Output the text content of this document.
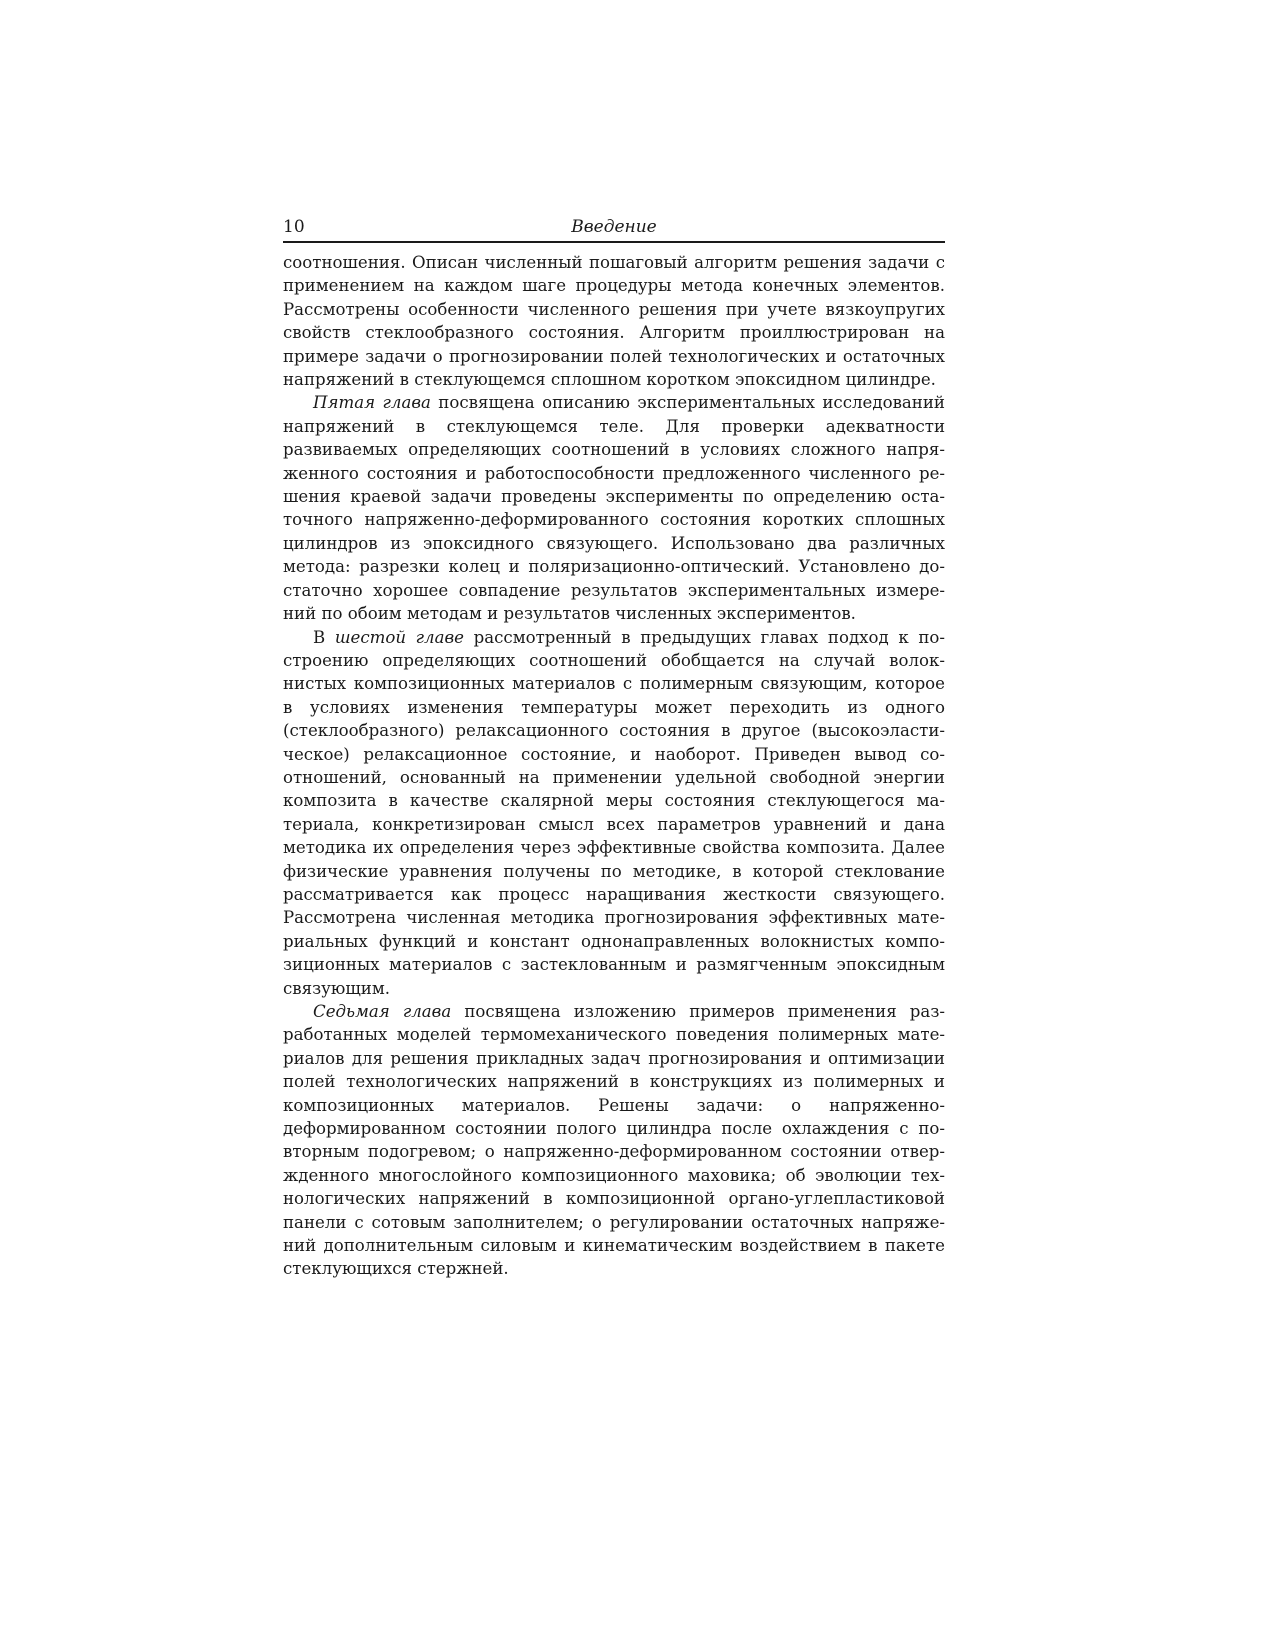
10	Введение

соотношения. Описан численный пошаговый алгоритм решения задачи с применением на каждом шаге процедуры метода конечных элементов. Рассмотрены особенности численного решения при учете вязкоупругих свойств стеклообразного состояния. Алгоритм проиллюстрирован на примере задачи о прогнозировании полей технологических и остаточных напряжений в стеклующемся сплошном коротком эпоксидном цилиндре.

Пятая глава посвящена описанию экспериментальных исследований напряжений в стеклующемся теле. Для проверки адекватности развиваемых определяющих соотношений в условиях сложного напряженного состояния и работоспособности предложенного численного решения краевой задачи проведены эксперименты по определению остаточного напряженно-деформированного состояния коротких сплошных цилиндров из эпоксидного связующего. Использовано два различных метода: разрезки колец и поляризационно-оптический. Установлено достаточно хорошее совпадение результатов экспериментальных измерений по обоим методам и результатов численных экспериментов.

В шестой главе рассмотренный в предыдущих главах подход к построению определяющих соотношений обобщается на случай волокнистых композиционных материалов с полимерным связующим, которое в условиях изменения температуры может переходить из одного (стеклообразного) релаксационного состояния в другое (высокоэластическое) релаксационное состояние, и наоборот. Приведен вывод соотношений, основанный на применении удельной свободной энергии композита в качестве скалярной меры состояния стеклующегося материала, конкретизирован смысл всех параметров уравнений и дана методика их определения через эффективные свойства композита. Далее физические уравнения получены по методике, в которой стеклование рассматривается как процесс наращивания жесткости связующего. Рассмотрена численная методика прогнозирования эффективных материальных функций и констант однонаправленных волокнистых композиционных материалов с застеклованным и размягченным эпоксидным связующим.

Седьмая глава посвящена изложению примеров применения разработанных моделей термомеханического поведения полимерных материалов для решения прикладных задач прогнозирования и оптимизации полей технологических напряжений в конструкциях из полимерных и композиционных материалов. Решены задачи: о напряженно-деформированном состоянии полого цилиндра после охлаждения с повторным подогревом; о напряженно-деформированном состоянии отвержденного многослойного композиционного маховика; об эволюции технологических напряжений в композиционной органо-углепластиковой панели с сотовым заполнителем; о регулировании остаточных напряжений дополнительным силовым и кинематическим воздействием в пакете стеклующихся стержней.
